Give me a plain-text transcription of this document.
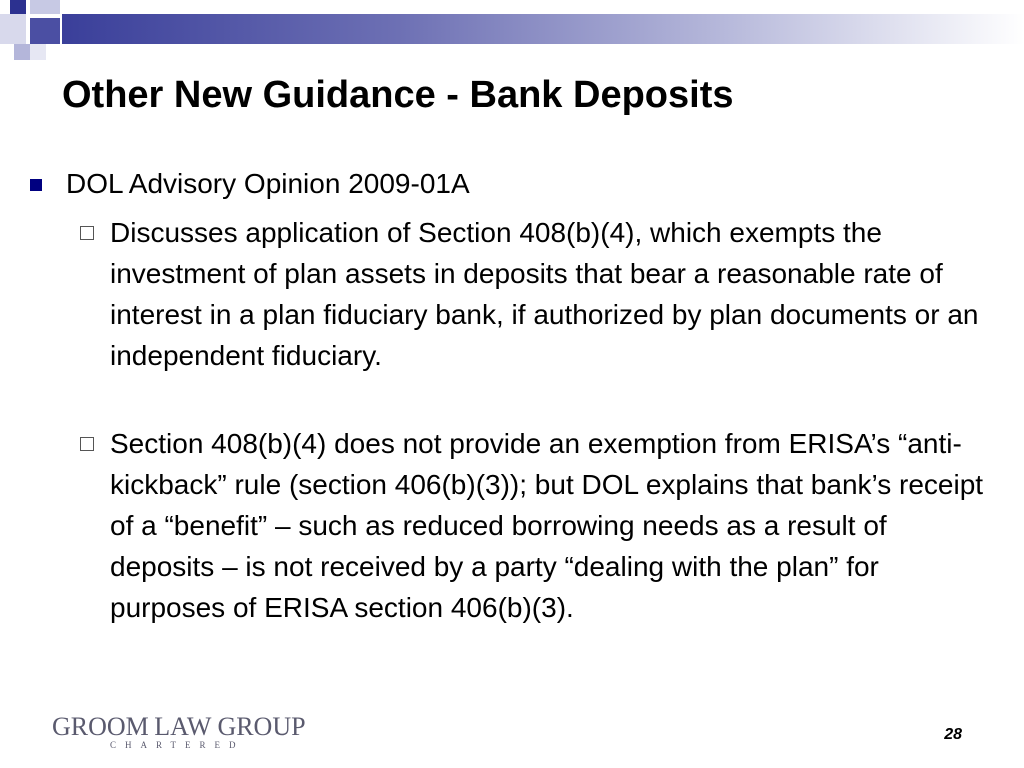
Other New Guidance - Bank Deposits
DOL Advisory Opinion 2009-01A
Discusses application of Section 408(b)(4), which exempts the investment of plan assets in deposits that bear a reasonable rate of interest in a plan fiduciary bank, if authorized by plan documents or an independent fiduciary.
Section 408(b)(4) does not provide an exemption from ERISA’s “anti-kickback” rule (section 406(b)(3)); but DOL explains that bank’s receipt of a “benefit” – such as reduced borrowing needs as a result of deposits – is not received by a party “dealing with the plan” for purposes of ERISA section 406(b)(3).
GROOM LAW GROUP
CHARTERED
28
